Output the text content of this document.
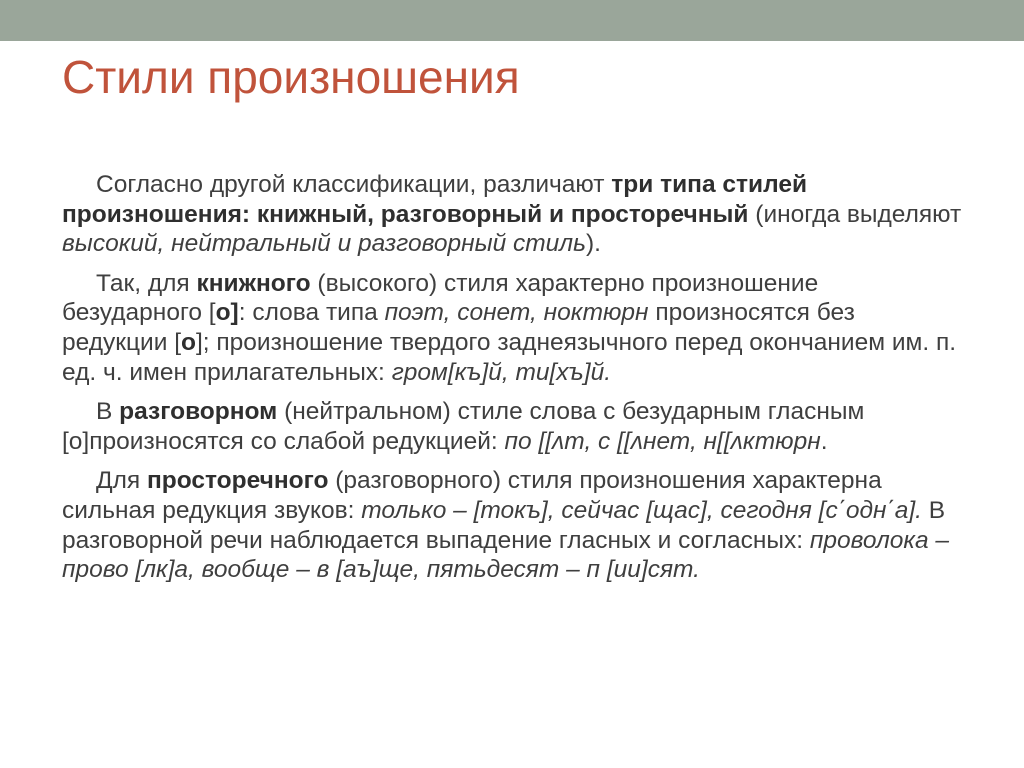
Стили произношения

Согласно другой классификации, различают три типа стилей произношения: книжный, разговорный и просторечный (иногда выделяют высокий, нейтральный и разговорный стиль).

Так, для книжного (высокого) стиля характерно произношение безударного [о]: слова типа поэт, сонет, ноктюрн произносятся без редукции [о]; произношение твердого заднеязычного перед окончанием им. п. ед. ч. имен прилагательных: гром[къ]й, ти[хъ]й.

В разговорном (нейтральном) стиле слова с безударным гласным [о]произносятся со слабой редукцией: по [[ʌт, с [[ʌнет, н[[ʌктюрн.

Для просторечного (разговорного) стиля произношения характерна сильная редукция звуков: только – [токъ], сейчас [щас], сегодня [с΄одн΄а]. В разговорной речи наблюдается выпадение гласных и согласных: проволока – прово [лк]а, вообще – в [аъ]ще, пятьдесят – п [ии]сят.
